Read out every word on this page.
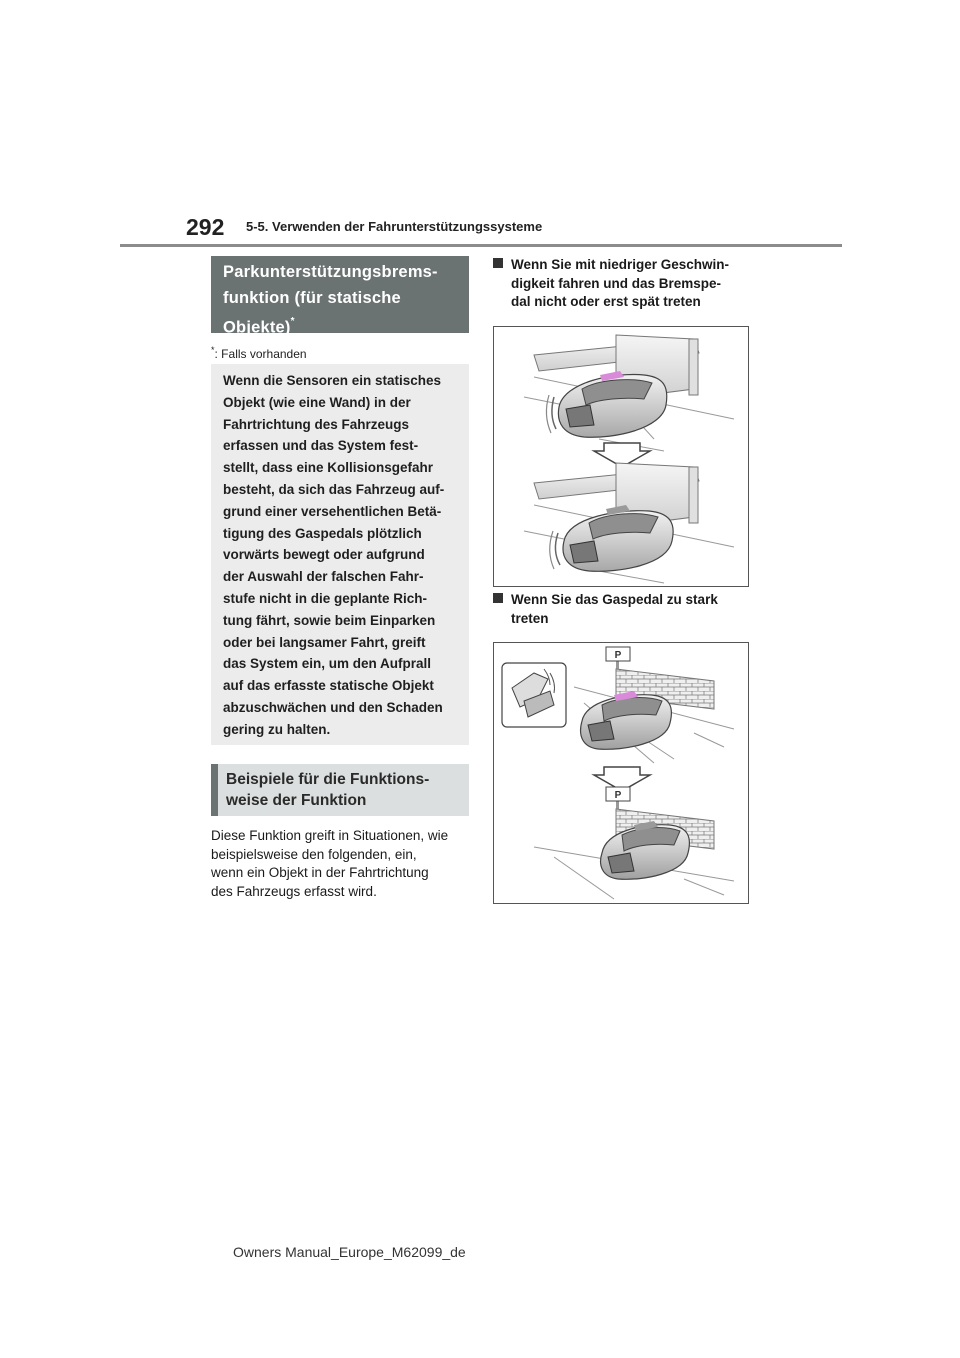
292 5-5. Verwenden der Fahrunterstützungssysteme
Parkunterstützungsbrems-
funktion (für statische
Objekte)*
*: Falls vorhanden

Wenn die Sensoren ein statisches

Objekt (wie eine Wand) in der

Fahrtrichtung des Fahrzeugs

erfassen und das System fest-

stellt, dass eine Kollisionsgefahr

besteht, da sich das Fahrzeug auf-

grund einer versehentlichen Betä-

tigung des Gaspedals plötzlich

vorwärts bewegt oder aufgrund

der Auswahl der falschen Fahr-

stufe nicht in die geplante Rich-

tung fährt, sowie beim Einparken

oder bei langsamer Fahrt, greift

das System ein, um den Aufprall

auf das erfasste statische Objekt

abzuschwächen und den Schaden

gering zu halten.

Beispiele für die Funktions-
weise der Funktion

Diese Funktion greift in Situationen, wie

beispielsweise den folgenden, ein,

wenn ein Objekt in der Fahrtrichtung

des Fahrzeugs erfasst wird.

Wenn Sie mit niedriger Geschwin-
digkeit fahren und das Bremspe-
dal nicht oder erst spät treten
Wenn Sie das Gaspedal zu stark
treten
P
P
Owners Manual_Europe_M62099_de
